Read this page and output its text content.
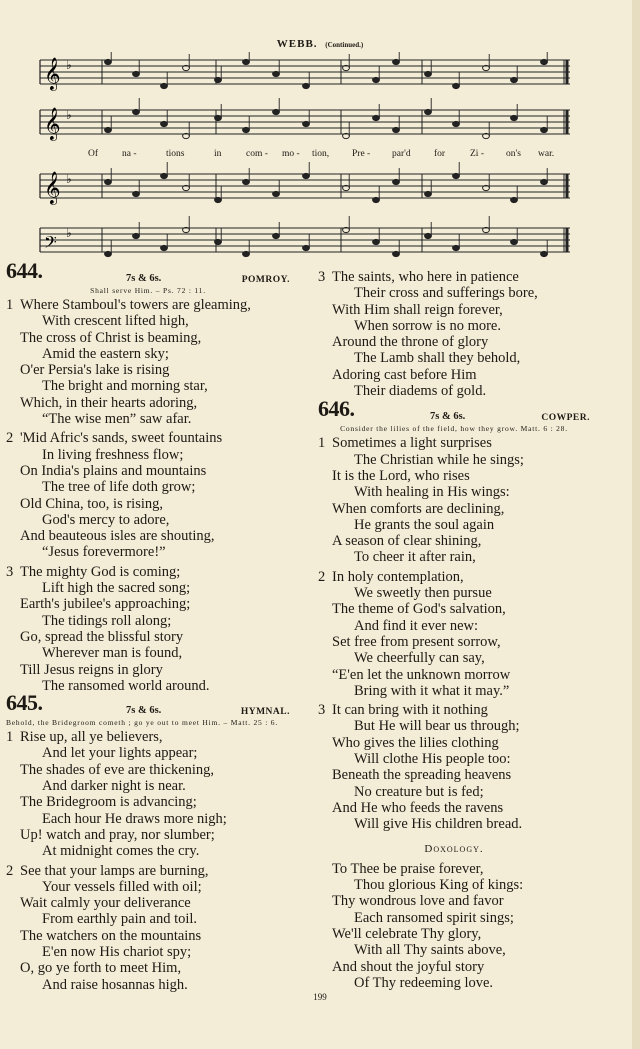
WEBB. (Continued.)
𝄞 ♭
𝄞 ♭
𝄞 ♭
𝄢 ♭
Of	na -	tions	in	com - mo - tion, Pre - par'd for	Zi - on's war.
644.	7s & 6s.	POMROY.
Shall serve Him. – Ps. 72 : 11.
1 Where Stamboul's towers are gleaming,
With crescent lifted high,
The cross of Christ is beaming,
Amid the eastern sky;
O'er Persia's lake is rising
The bright and morning star,
Which, in their hearts adoring,
“The wise men” saw afar.
2 'Mid Afric's sands, sweet fountains
In living freshness flow;
On India's plains and mountains
The tree of life doth grow;
Old China, too, is rising,
God's mercy to adore,
And beauteous isles are shouting,
“Jesus forevermore!”
3 The mighty God is coming;
Lift high the sacred song;
Earth's jubilee's approaching;
The tidings roll along;
Go, spread the blissful story
Wherever man is found,
Till Jesus reigns in glory
The ransomed world around.
645.	7s & 6s.	HYMNAL.
Behold, the Bridegroom cometh ; go ye out to meet Him. – Matt. 25 : 6.
1 Rise up, all ye believers,
And let your lights appear;
The shades of eve are thickening,
And darker night is near.
The Bridegroom is advancing;
Each hour He draws more nigh;
Up! watch and pray, nor slumber;
At midnight comes the cry.
2 See that your lamps are burning,
Your vessels filled with oil;
Wait calmly your deliverance
From earthly pain and toil.
The watchers on the mountains
E'en now His chariot spy;
O, go ye forth to meet Him,
And raise hosannas high.
3 The saints, who here in patience
Their cross and sufferings bore,
With Him shall reign forever,
When sorrow is no more.
Around the throne of glory
The Lamb shall they behold,
Adoring cast before Him
Their diadems of gold.
646.	7s & 6s.	COWPER.
Consider the lilies of the field, how they grow. Matt. 6 : 28.
1 Sometimes a light surprises
The Christian while he sings;
It is the Lord, who rises
With healing in His wings:
When comforts are declining,
He grants the soul again
A season of clear shining,
To cheer it after rain,
2 In holy contemplation,
We sweetly then pursue
The theme of God's salvation,
And find it ever new:
Set free from present sorrow,
We cheerfully can say,
“E'en let the unknown morrow
Bring with it what it may.”
3 It can bring with it nothing
But He will bear us through;
Who gives the lilies clothing
Will clothe His people too:
Beneath the spreading heavens
No creature but is fed;
And He who feeds the ravens
Will give His children bread.
Doxology.
To Thee be praise forever,
Thou glorious King of kings:
Thy wondrous love and favor
Each ransomed spirit sings;
We'll celebrate Thy glory,
With all Thy saints above,
And shout the joyful story
Of Thy redeeming love.
199
